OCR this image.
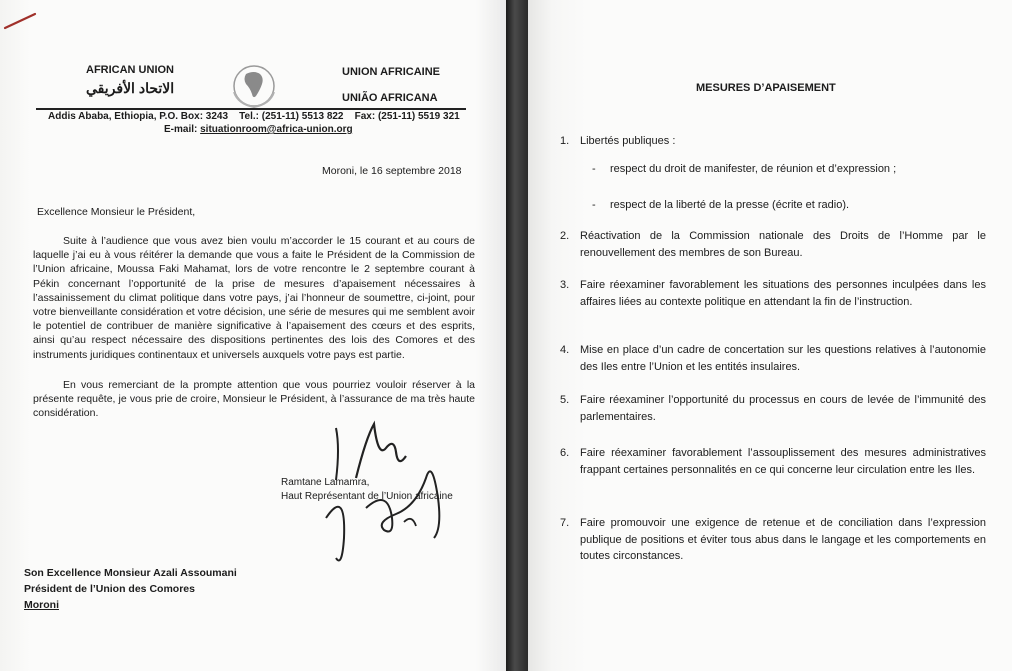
AFRICAN UNION
الاتحاد الأفريقي
UNION AFRICAINE
UNIÃO AFRICANA
Addis Ababa, Ethiopia, P.O. Box: 3243 Tel.: (251-11) 5513 822 Fax: (251-11) 5519 321
E-mail: situationroom@africa-union.org
Moroni, le 16 septembre 2018
Excellence Monsieur le Président,

Suite à l’audience que vous avez bien voulu m’accorder le 15 courant et au cours de laquelle j’ai eu à vous réitérer la demande que vous a faite le Président de la Commission de l’Union africaine, Moussa Faki Mahamat, lors de votre rencontre le 2 septembre courant à Pékin concernant l’opportunité de la prise de mesures d’apaisement nécessaires à l’assainissement du climat politique dans votre pays, j’ai l’honneur de soumettre, ci-joint, pour votre bienveillante considération et votre décision, une série de mesures qui me semblent avoir le potentiel de contribuer de manière significative à l’apaisement des cœurs et des esprits, ainsi qu’au respect nécessaire des dispositions pertinentes des lois des Comores et des instruments juridiques continentaux et universels auxquels votre pays est partie.

En vous remerciant de la prompte attention que vous pourriez vouloir réserver à la présente requête, je vous prie de croire, Monsieur le Président, à l’assurance de ma très haute considération.

Ramtane Lamamra,
Haut Représentant de l’Union africaine
Son Excellence Monsieur Azali Assoumani
Président de l’Union des Comores
Moroni
MESURES D’APAISEMENT
1. Libertés publiques :
- respect du droit de manifester, de réunion et d’expression ;
- respect de la liberté de la presse (écrite et radio).
2. Réactivation de la Commission nationale des Droits de l’Homme par le renouvellement des membres de son Bureau.
3. Faire réexaminer favorablement les situations des personnes inculpées dans les affaires liées au contexte politique en attendant la fin de l’instruction.
4. Mise en place d’un cadre de concertation sur les questions relatives à l’autonomie des Iles entre l’Union et les entités insulaires.
5. Faire réexaminer l’opportunité du processus en cours de levée de l’immunité des parlementaires.
6. Faire réexaminer favorablement l’assouplissement des mesures administratives frappant certaines personnalités en ce qui concerne leur circulation entre les Iles.
7. Faire promouvoir une exigence de retenue et de conciliation dans l’expression publique de positions et éviter tous abus dans le langage et les comportements en toutes circonstances.
